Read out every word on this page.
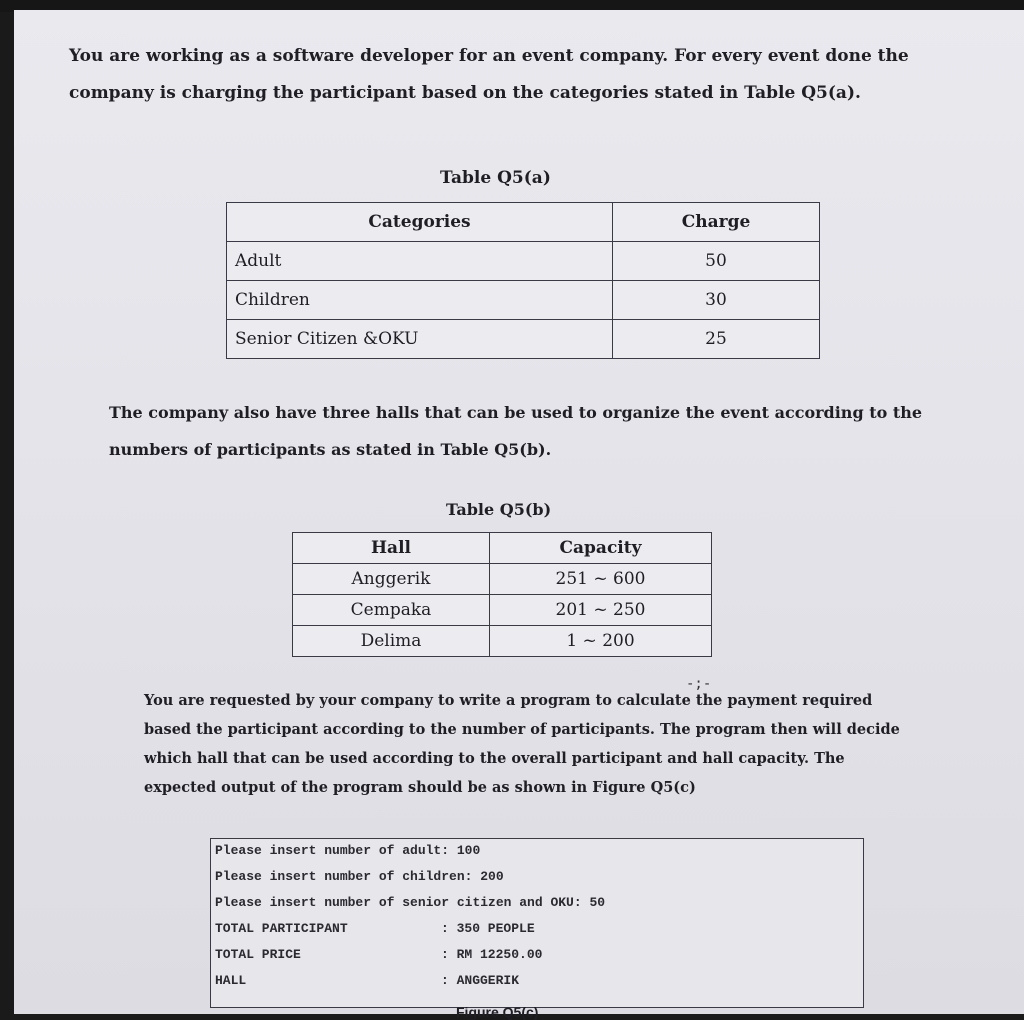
You are working as a software developer for an event company. For every event done the company is charging the participant based on the categories stated in Table Q5(a).

Table Q5(a)
Categories	Charge
Adult	50
Children	30
Senior Citizen &OKU	25

The company also have three halls that can be used to organize the event according to the numbers of participants as stated in Table Q5(b).

Table Q5(b)
Hall	Capacity
Anggerik	251 ~ 600
Cempaka	201 ~ 250
Delima	1 ~ 200
-;-

You are requested by your company to write a program to calculate the payment required based the participant according to the number of participants. The program then will decide which hall that can be used according to the overall participant and hall capacity. The expected output of the program should be as shown in Figure Q5(c)

Please insert number of adult: 100
Please insert number of children: 200
Please insert number of senior citizen and OKU: 50
TOTAL PARTICIPANT	: 350 PEOPLE
TOTAL PRICE	: RM 12250.00
HALL	: ANGGERIK
Figure Q5(c)
